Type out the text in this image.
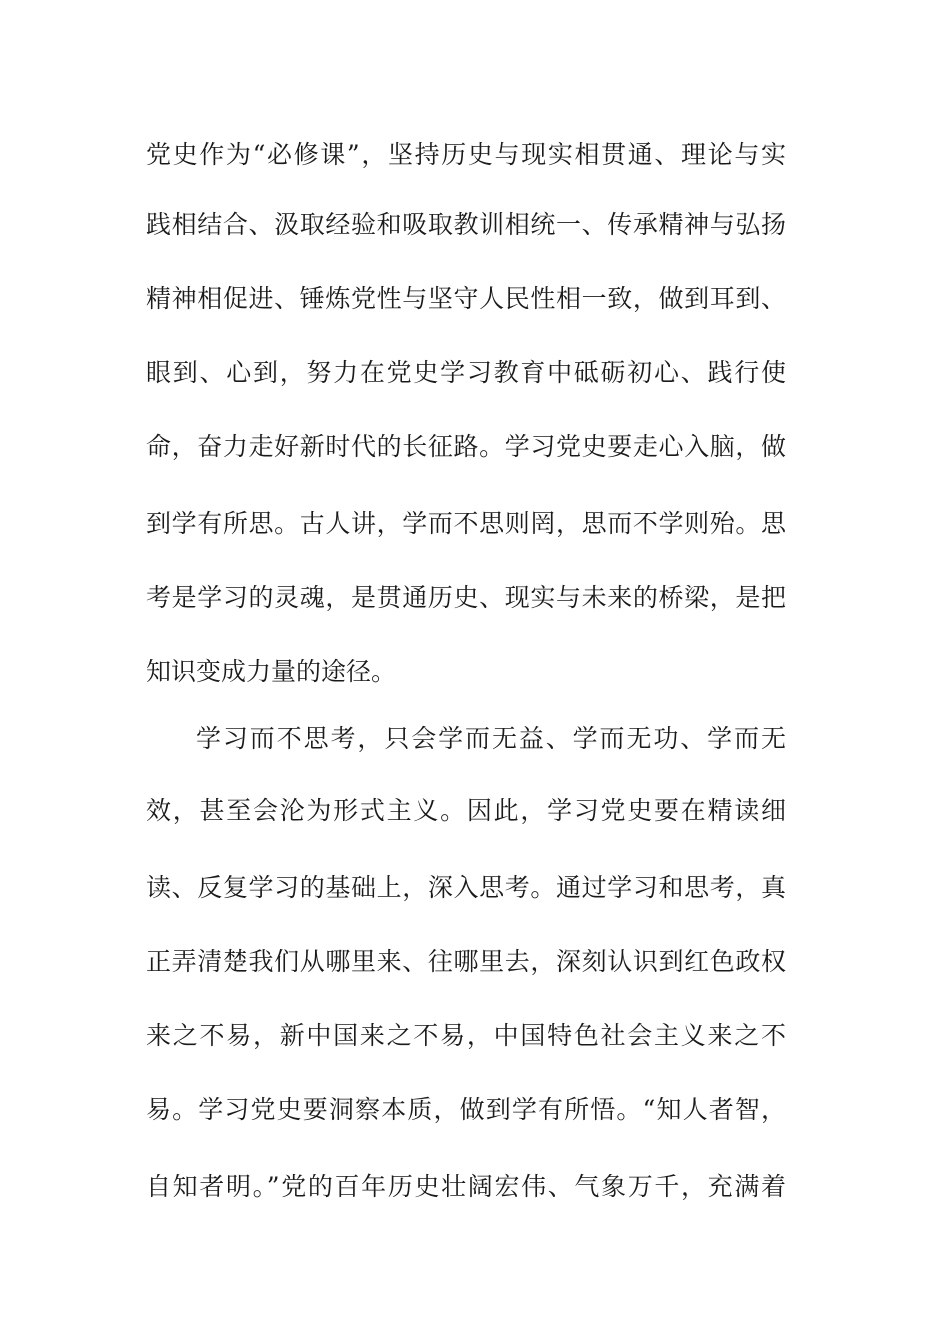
党史作为“必修课”，坚持历史与现实相贯通、理论与实
践相结合、汲取经验和吸取教训相统一、传承精神与弘扬
精神相促进、锤炼党性与坚守人民性相一致，做到耳到、
眼到、心到，努力在党史学习教育中砥砺初心、践行使
命，奋力走好新时代的长征路。学习党史要走心入脑，做
到学有所思。古人讲，学而不思则罔，思而不学则殆。思
考是学习的灵魂，是贯通历史、现实与未来的桥梁，是把
知识变成力量的途径。
学习而不思考，只会学而无益、学而无功、学而无
效，甚至会沦为形式主义。因此，学习党史要在精读细
读、反复学习的基础上，深入思考。通过学习和思考，真
正弄清楚我们从哪里来、往哪里去，深刻认识到红色政权
来之不易，新中国来之不易，中国特色社会主义来之不
易。学习党史要洞察本质，做到学有所悟。“知人者智，
自知者明。”党的百年历史壮阔宏伟、气象万千，充满着
